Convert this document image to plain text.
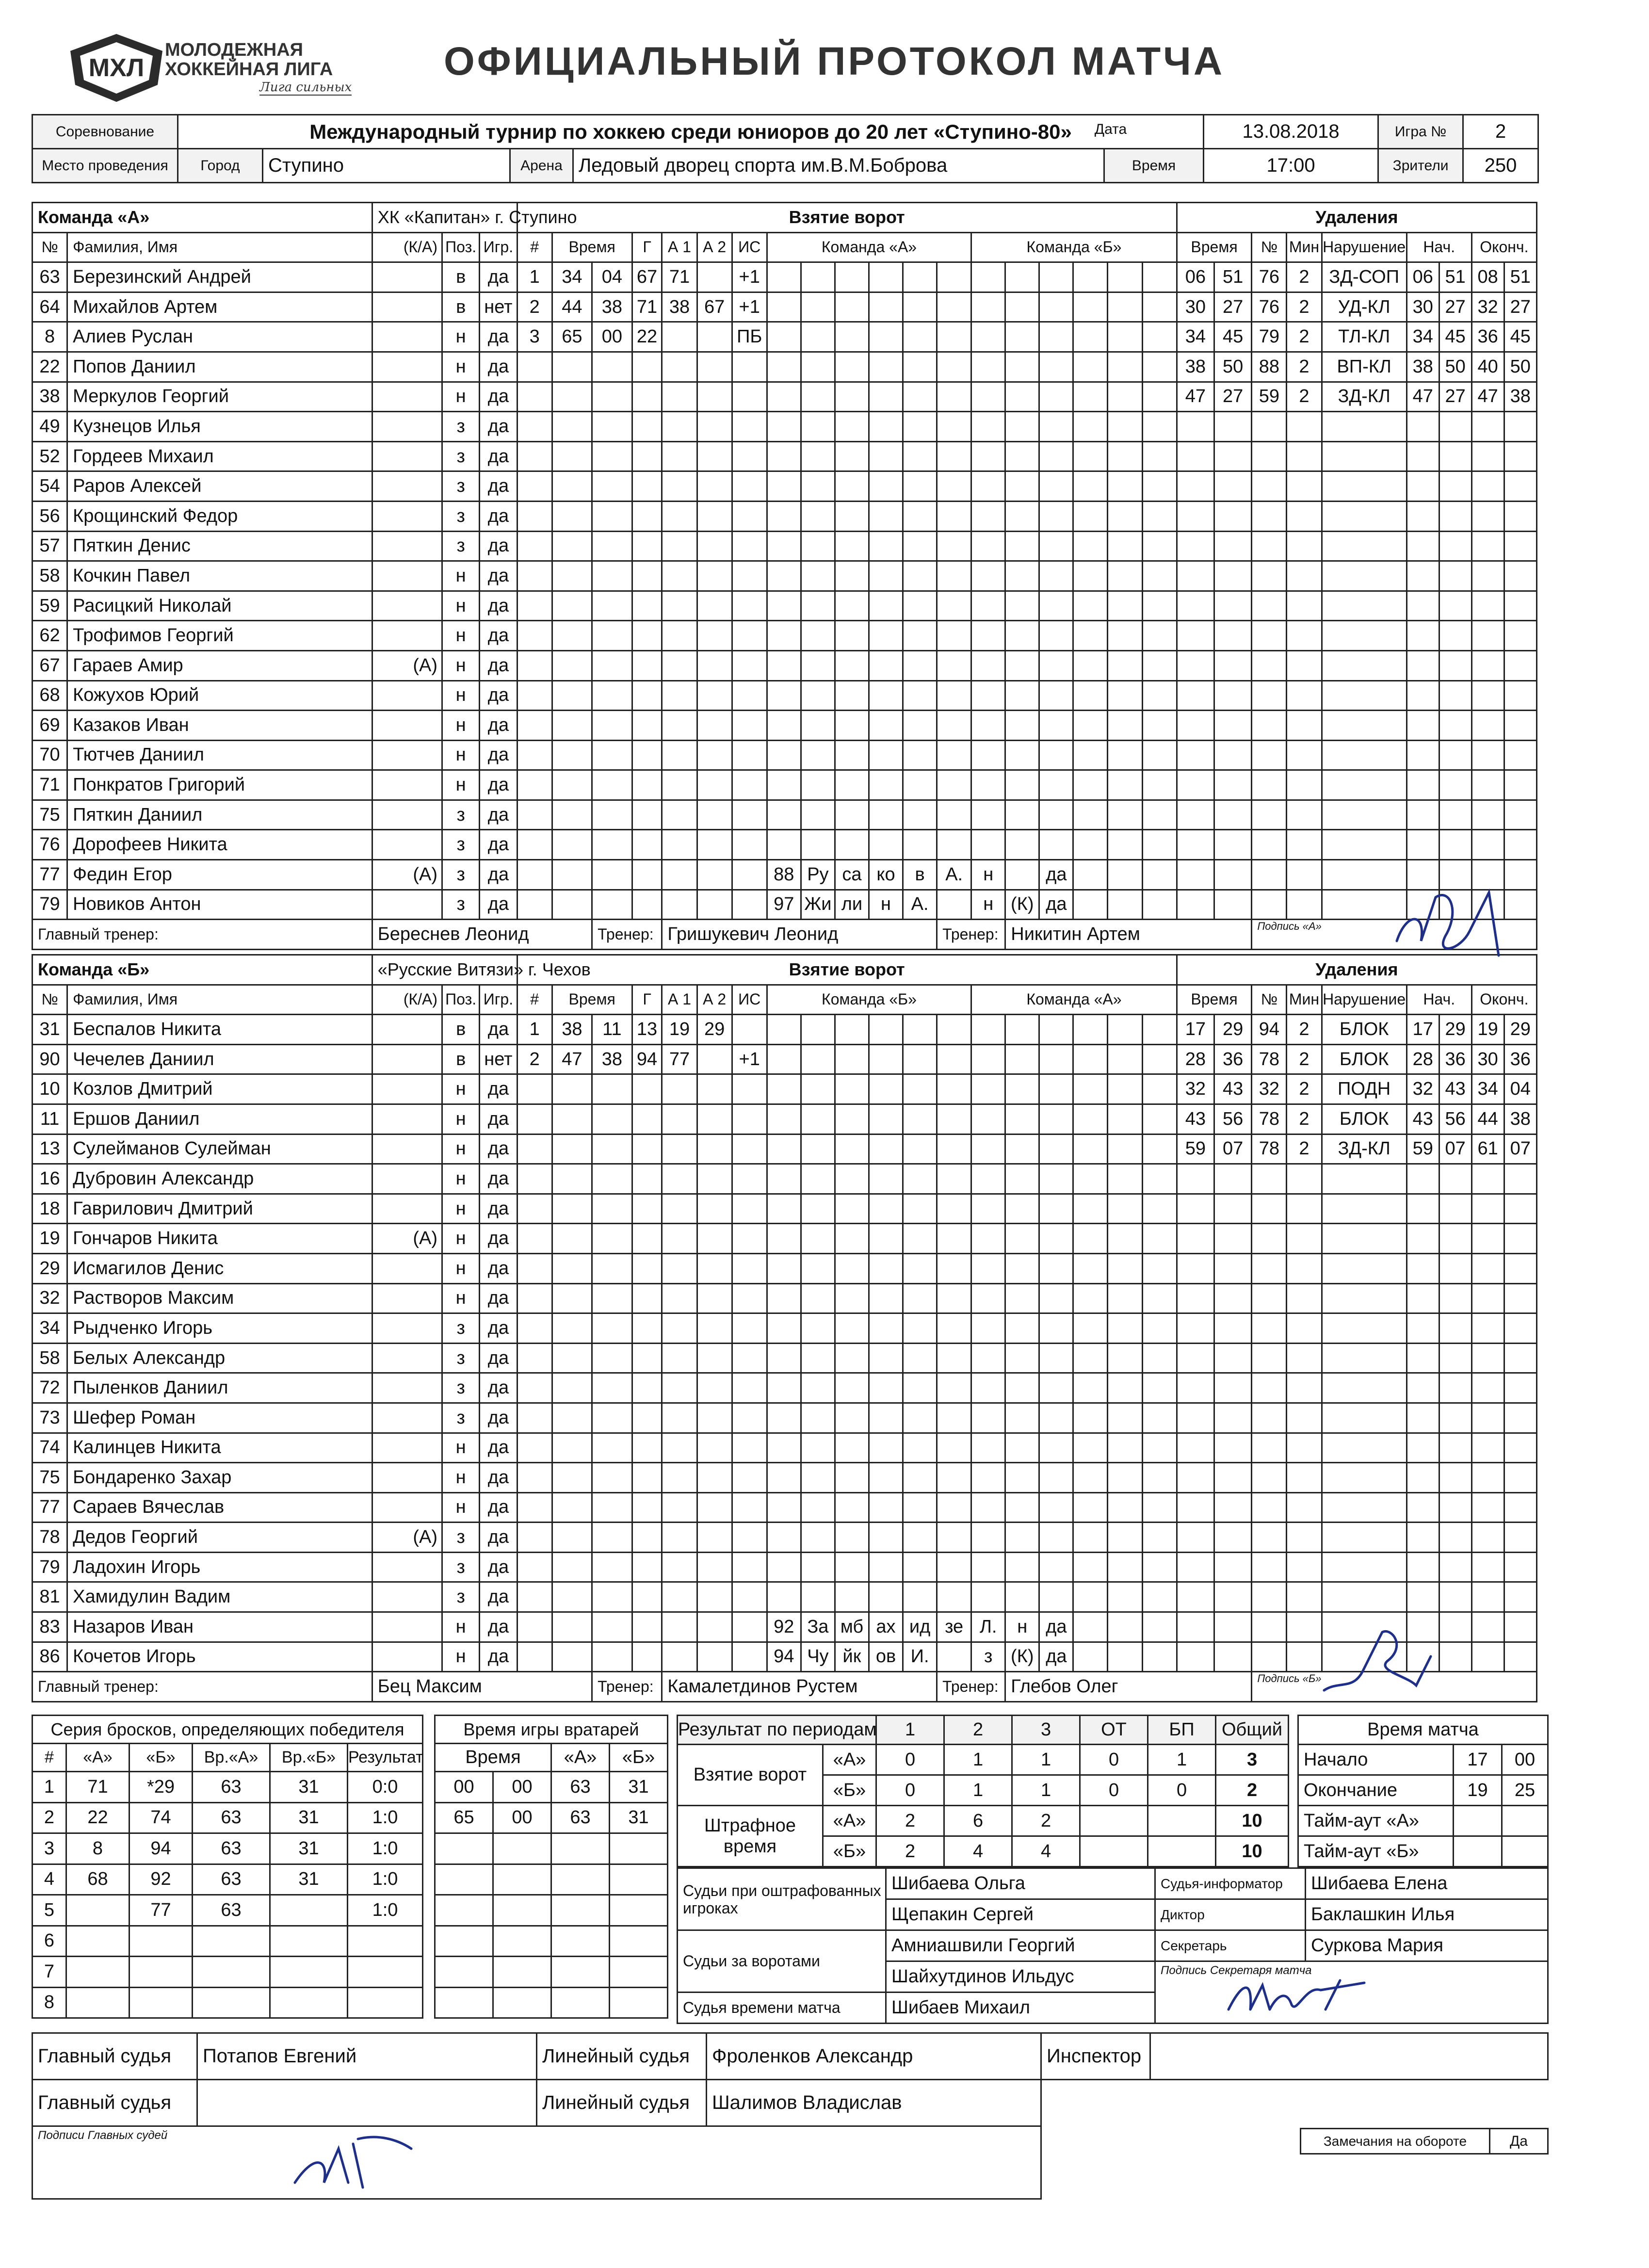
МХЛ
МОЛОДЕЖНАЯ
ХОККЕЙНАЯ ЛИГА
Лига сильных
ОФИЦИАЛЬНЫЙ ПРОТОКОЛ МАТЧА
Соревнование	Международный турнир по хоккею среди юниоров до 20 лет «Ступино-80»					13.08.2018	Игра №	2
Место проведения	Город	Ступино	Арена	Ледовый дворец спорта им.В.М.Боброва	Время	17:00	Зрители	250
Дата
Команда «А»		ХК «Капитан» г. Ступино			Взятие ворот																			Удаления								
№	Фамилия, Имя	(К/А)	Поз.	Игр.	#	Время		Г	А 1	А 2	ИС	Команда «А»						Команда «Б»						Время		№	Мин	Нарушение	Нач.		Оконч.	
63	Березинский Андрей		в	да	1	34	04	67	71		+1													06	51	76	2	ЗД-СОП	06	51	08	51
64	Михайлов Артем		в	нет	2	44	38	71	38	67	+1													30	27	76	2	УД-КЛ	30	27	32	27
8	Алиев Руслан		н	да	3	65	00	22			ПБ													34	45	79	2	ТЛ-КЛ	34	45	36	45
22	Попов Даниил		н	да																				38	50	88	2	ВП-КЛ	38	50	40	50
38	Меркулов Георгий		н	да																				47	27	59	2	ЗД-КЛ	47	27	47	38
49	Кузнецов Илья		з	да																												
52	Гордеев Михаил		з	да																												
54	Раров Алексей		з	да																												
56	Крощинский Федор		з	да																												
57	Пяткин Денис		з	да																												
58	Кочкин Павел		н	да																												
59	Расицкий Николай		н	да																												
62	Трофимов Георгий		н	да																												
67	Гараев Амир	(А)	н	да																												
68	Кожухов Юрий		н	да																												
69	Казаков Иван		н	да																												
70	Тютчев Даниил		н	да																												
71	Понкратов Григорий		н	да																												
75	Пяткин Даниил		з	да																												
76	Дорофеев Никита		з	да																												
77	Федин Егор	(А)	з	да								88	Ру	са	ко	в	А.	н		да												
79	Новиков Антон		з	да								97	Жи	ли	н	А.		н	(К)	да												
Главный тренер:		Береснев Леонид					Тренер:		Гришукевич Леонид								Тренер:		Никитин Артем							Подпись «А»						
Команда «Б»		«Русские Витязи» г. Чехов			Взятие ворот																			Удаления								
№	Фамилия, Имя	(К/А)	Поз.	Игр.	#	Время		Г	А 1	А 2	ИС	Команда «Б»						Команда «А»						Время		№	Мин	Нарушение	Нач.		Оконч.	
31	Беспалов Никита		в	да	1	38	11	13	19	29														17	29	94	2	БЛОК	17	29	19	29
90	Чечелев Даниил		в	нет	2	47	38	94	77		+1													28	36	78	2	БЛОК	28	36	30	36
10	Козлов Дмитрий		н	да																				32	43	32	2	ПОДН	32	43	34	04
11	Ершов Даниил		н	да																				43	56	78	2	БЛОК	43	56	44	38
13	Сулейманов Сулейман		н	да																				59	07	78	2	ЗД-КЛ	59	07	61	07
16	Дубровин Александр		н	да																												
18	Гаврилович Дмитрий		н	да																												
19	Гончаров Никита	(А)	н	да																												
29	Исмагилов Денис		н	да																												
32	Растворов Максим		н	да																												
34	Рыдченко Игорь		з	да																												
58	Белых Александр		з	да																												
72	Пыленков Даниил		з	да																												
73	Шефер Роман		з	да																												
74	Калинцев Никита		н	да																												
75	Бондаренко Захар		н	да																												
77	Сараев Вячеслав		н	да																												
78	Дедов Георгий	(А)	з	да																												
79	Ладохин Игорь		з	да																												
81	Хамидулин Вадим		з	да																												
83	Назаров Иван		н	да								92	За	мб	ах	ид	зе	Л.	н	да												
86	Кочетов Игорь		н	да								94	Чу	йк	ов	И.		з	(К)	да												
Главный тренер:		Бец Максим					Тренер:		Камалетдинов Рустем								Тренер:		Глебов Олег							Подпись «Б»						
Серия бросков, определяющих победителя					
#	«А»	«Б»	Вр.«А»	Вр.«Б»	Результат
1	71	*29	63	31	0:0
2	22	74	63	31	1:0
3	8	94	63	31	1:0
4	68	92	63	31	1:0
5		77	63		1:0
6					
7					
8					
Время игры вратарей			
Время		«А»	«Б»
00	00	63	31
65	00	63	31

Результат по периодам		1	2	3	ОТ	БП	Общий
Взятие ворот	«А»	0	1	1	0	1	3
	«Б»	0	1	1	0	0	2
Штрафное время	«А»	2	6	2			10
	«Б»	2	4	4			10
Время матча		
Начало	17	00
Окончание	19	25
Тайм-аут «А»		
Тайм-аут «Б»		
Судьи при оштрафованных игроках	Шибаева Ольга	Судья-информатор	Шибаева Елена
	Щепакин Сергей	Диктор	Баклашкин Илья
Судьи за воротами	Амниашвили Георгий	Секретарь	Суркова Мария
	Шайхутдинов Ильдус	Подпись Секретаря матча	

Судья времени матча	Шибаев Михаил		
Главный судья	Потапов Евгений	Линейный судья	Фроленков Александр	Инспектор	
Главный судья		Линейный судья	Шалимов Владислав		
Подписи Главных судей				
		Замечания на обороте	Да
